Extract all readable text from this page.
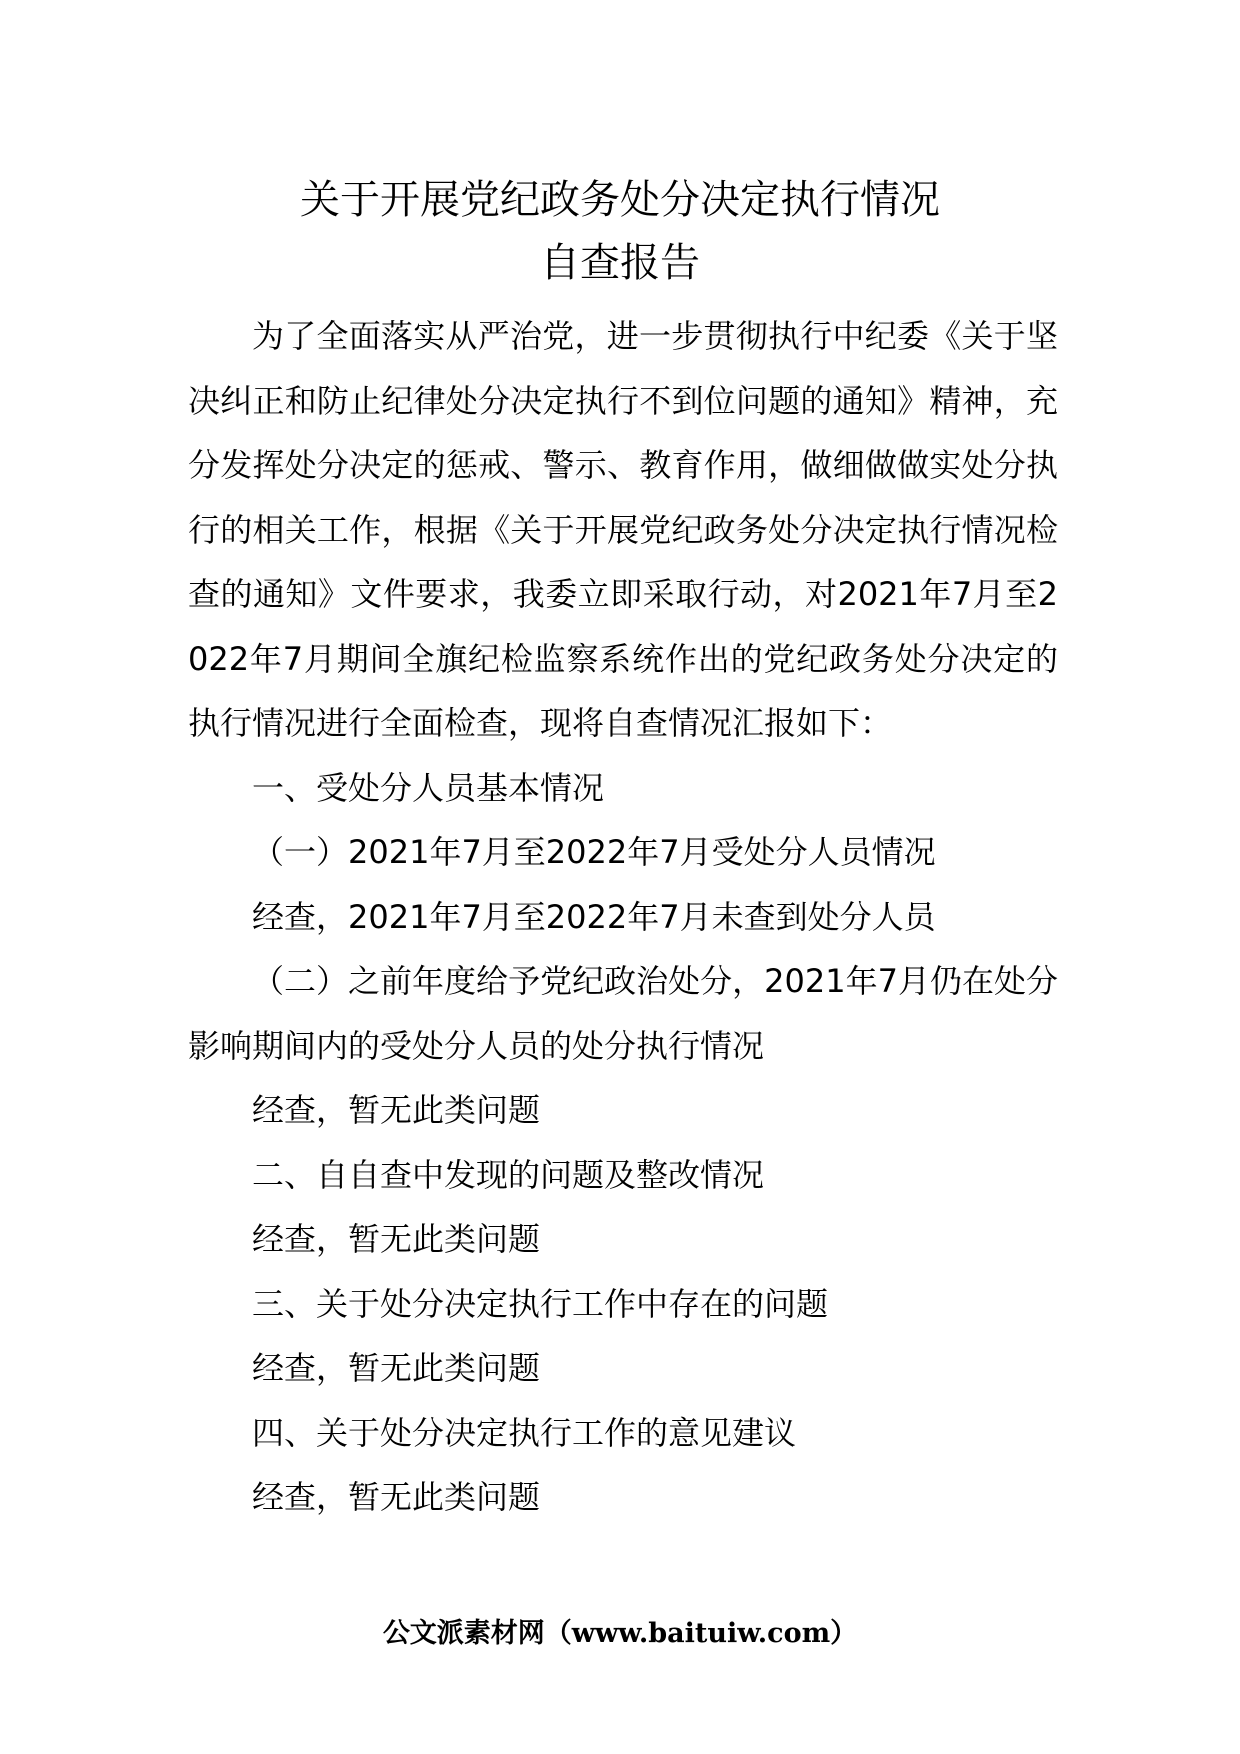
关于开展党纪政务处分决定执行情况
自查报告

为了全面落实从严治党，进一步贯彻执行中纪委《关于坚决纠正和防止纪律处分决定执行不到位问题的通知》精神，充分发挥处分决定的惩戒、警示、教育作用，做细做做实处分执行的相关工作，根据《关于开展党纪政务处分决定执行情况检查的通知》文件要求，我委立即采取行动，对2021年7月至2022年7月期间全旗纪检监察系统作出的党纪政务处分决定的执行情况进行全面检查，现将自查情况汇报如下：

一、受处分人员基本情况

（一）2021年7月至2022年7月受处分人员情况

经查，2021年7月至2022年7月未查到处分人员

（二）之前年度给予党纪政治处分，2021年7月仍在处分影响期间内的受处分人员的处分执行情况

经查，暂无此类问题

二、自自查中发现的问题及整改情况

经查，暂无此类问题

三、关于处分决定执行工作中存在的问题

经查，暂无此类问题

四、关于处分决定执行工作的意见建议

经查，暂无此类问题

公文派素材网（www.baituiw.com）
